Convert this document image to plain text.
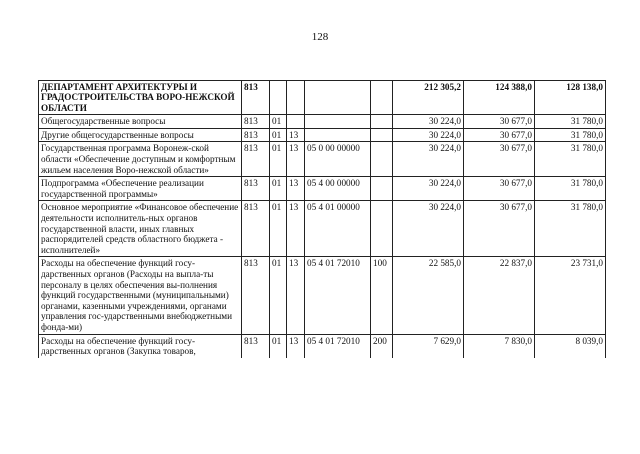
128
ДЕПАРТАМЕНТ АРХИТЕКТУРЫ И ГРАДОСТРОИТЕЛЬСТВА ВОРО-НЕЖСКОЙ ОБЛАСТИ	813					212 305,2	124 388,0	128 138,0
Общегосударственные вопросы	813	01				30 224,0	30 677,0	31 780,0
Другие общегосударственные вопросы	813	01	13			30 224,0	30 677,0	31 780,0
Государственная программа Воронеж-ской области «Обеспечение доступным и комфортным жильем населения Воро-нежской области»	813	01	13	05 0 00 00000		30 224,0	30 677,0	31 780,0
Подпрограмма «Обеспечение реализации государственной программы»	813	01	13	05 4 00 00000		30 224,0	30 677,0	31 780,0
Основное мероприятие «Финансовое обеспечение деятельности исполнитель-ных органов государственной власти, иных главных распорядителей средств областного бюджета - исполнителей»	813	01	13	05 4 01 00000		30 224,0	30 677,0	31 780,0
Расходы на обеспечение функций госу-дарственных органов (Расходы на выпла-ты персоналу в целях обеспечения вы-полнения функций государственными (муниципальными) органами, казенными учреждениями, органами управления гос-ударственными внебюджетными фонда-ми)	813	01	13	05 4 01 72010	100	22 585,0	22 837,0	23 731,0
Расходы на обеспечение функций госу-дарственных органов (Закупка товаров,	813	01	13	05 4 01 72010	200	7 629,0	7 830,0	8 039,0
